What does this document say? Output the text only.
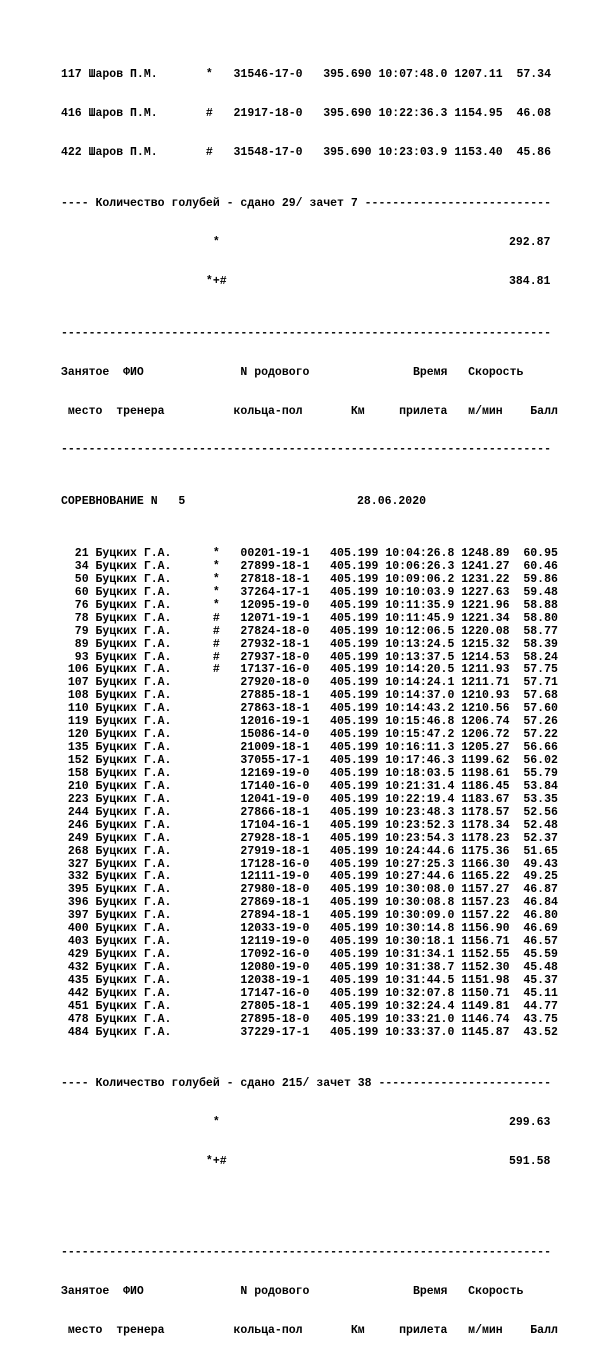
117 Шаров П.М.       *   31546-17-0   395.690 10:07:48.0 1207.11  57.34

416 Шаров П.М.       #   21917-18-0   395.690 10:22:36.3 1154.95  46.08

422 Шаров П.М.       #   31548-17-0   395.690 10:23:03.9 1153.40  45.86

---- Количество голубей - сдано 29/ зачет 7 ---------------------------

*	292.87

*+#	384.81

-----------------------------------------------------------------------

Занятое  ФИО              N родового               Время   Скорость

место  тренера          кольца-пол       Км     прилета   м/мин    Балл

-----------------------------------------------------------------------

СОРЕВНОВАНИЕ N   5	28.06.2020

21 Буцких Г.А.      *   00201-19-1   405.199 10:04:26.8 1248.89  60.95
34 Буцких Г.А.      *   27899-18-1   405.199 10:06:26.3 1241.27  60.46
50 Буцких Г.А.      *   27818-18-1   405.199 10:09:06.2 1231.22  59.86
60 Буцких Г.А.      *   37264-17-1   405.199 10:10:03.9 1227.63  59.48
76 Буцких Г.А.      *   12095-19-0   405.199 10:11:35.9 1221.96  58.88
78 Буцких Г.А.      #   12071-19-1   405.199 10:11:45.9 1221.34  58.80
79 Буцких Г.А.      #   27824-18-0   405.199 10:12:06.5 1220.08  58.77
89 Буцких Г.А.      #   27932-18-1   405.199 10:13:24.5 1215.32  58.39
93 Буцких Г.А.      #   27937-18-0   405.199 10:13:37.5 1214.53  58.24
106 Буцких Г.А.      #   17137-16-0   405.199 10:14:20.5 1211.93  57.75
107 Буцких Г.А.          27920-18-0   405.199 10:14:24.1 1211.71  57.71
108 Буцких Г.А.          27885-18-1   405.199 10:14:37.0 1210.93  57.68
110 Буцких Г.А.          27863-18-1   405.199 10:14:43.2 1210.56  57.60
119 Буцких Г.А.          12016-19-1   405.199 10:15:46.8 1206.74  57.26
120 Буцких Г.А.          15086-14-0   405.199 10:15:47.2 1206.72  57.22
135 Буцких Г.А.          21009-18-1   405.199 10:16:11.3 1205.27  56.66
152 Буцких Г.А.          37055-17-1   405.199 10:17:46.3 1199.62  56.02
158 Буцких Г.А.          12169-19-0   405.199 10:18:03.5 1198.61  55.79
210 Буцких Г.А.          17140-16-0   405.199 10:21:31.4 1186.45  53.84
223 Буцких Г.А.          12041-19-0   405.199 10:22:19.4 1183.67  53.35
244 Буцких Г.А.          27866-18-1   405.199 10:23:48.3 1178.57  52.56
246 Буцких Г.А.          17104-16-1   405.199 10:23:52.3 1178.34  52.48
249 Буцких Г.А.          27928-18-1   405.199 10:23:54.3 1178.23  52.37
268 Буцких Г.А.          27919-18-1   405.199 10:24:44.6 1175.36  51.65
327 Буцких Г.А.          17128-16-0   405.199 10:27:25.3 1166.30  49.43
332 Буцких Г.А.          12111-19-0   405.199 10:27:44.6 1165.22  49.25
395 Буцких Г.А.          27980-18-0   405.199 10:30:08.0 1157.27  46.87
396 Буцких Г.А.          27869-18-1   405.199 10:30:08.8 1157.23  46.84
397 Буцких Г.А.          27894-18-1   405.199 10:30:09.0 1157.22  46.80
400 Буцких Г.А.          12033-19-0   405.199 10:30:14.8 1156.90  46.69
403 Буцких Г.А.          12119-19-0   405.199 10:30:18.1 1156.71  46.57
429 Буцких Г.А.          17092-16-0   405.199 10:31:34.1 1152.55  45.59
432 Буцких Г.А.          12080-19-0   405.199 10:31:38.7 1152.30  45.48
435 Буцких Г.А.          12038-19-1   405.199 10:31:44.5 1151.98  45.37
442 Буцких Г.А.          17147-16-0   405.199 10:32:07.8 1150.71  45.11
451 Буцких Г.А.          27805-18-1   405.199 10:32:24.4 1149.81  44.77
478 Буцких Г.А.          27895-18-0   405.199 10:33:21.0 1146.74  43.75
484 Буцких Г.А.          37229-17-1   405.199 10:33:37.0 1145.87  43.52

---- Количество голубей - сдано 215/ зачет 38 -------------------------

*	299.63

*+#	591.58

-----------------------------------------------------------------------

Занятое  ФИО              N родового               Время   Скорость

место  тренера          кольца-пол       Км     прилета   м/мин    Балл
